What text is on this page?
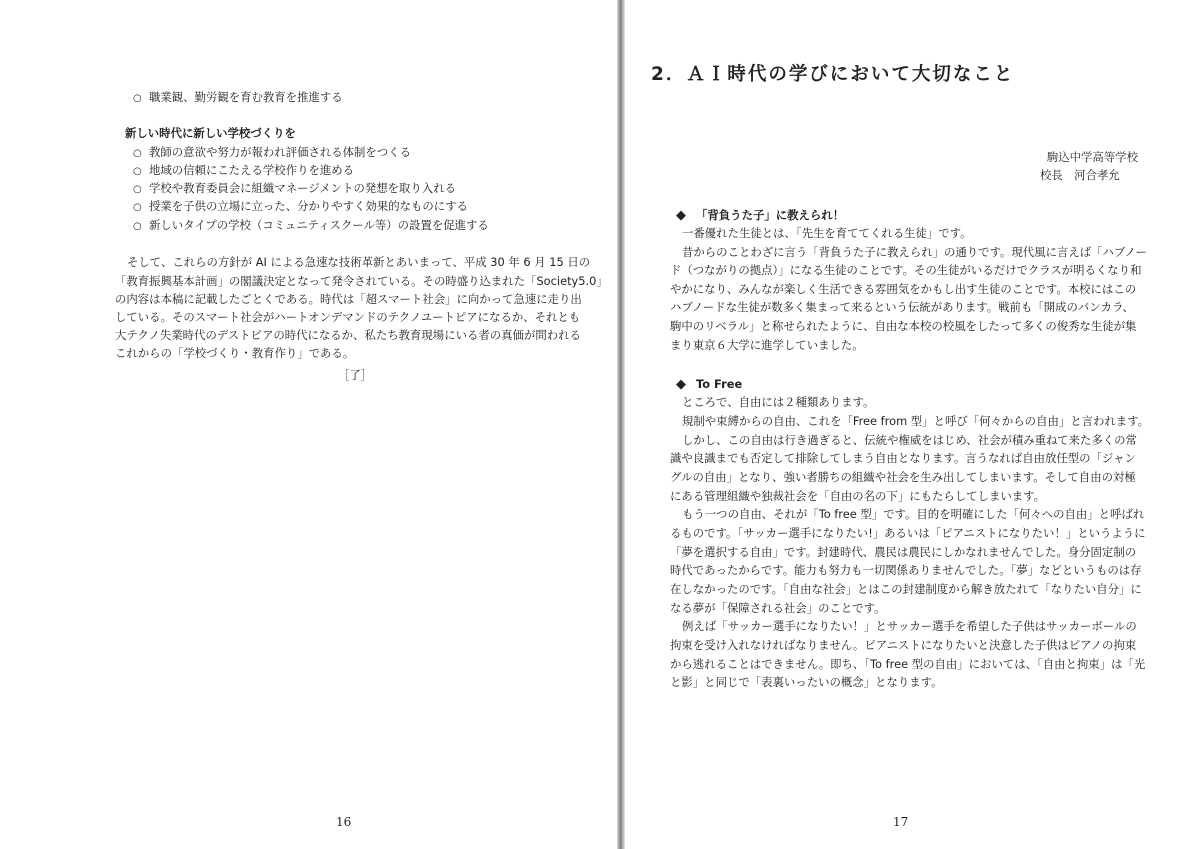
○ 職業観、勤労観を育む教育を推進する
新しい時代に新しい学校づくりを
○ 教師の意欲や努力が報われ評価される体制をつくる
○ 地域の信頼にこたえる学校作りを進める
○ 学校や教育委員会に組織マネージメントの発想を取り入れる
○ 授業を子供の立場に立った、分かりやすく効果的なものにする
○ 新しいタイプの学校（コミュニティスクール等）の設置を促進する
そして、これらの方針が AI による急速な技術革新とあいまって、平成 30 年 6 月 15 日の
「教育振興基本計画」の閣議決定となって発令されている。その時盛り込まれた「Society5.0」
の内容は本稿に記載したごとくである。時代は「超スマート社会」に向かって急速に走り出
している。そのスマート社会がハートオンデマンドのテクノユートピアになるか、それとも
大テクノ失業時代のデストピアの時代になるか、私たち教育現場にいる者の真価が問われる
これからの「学校づくり・教育作り」である。
［了］
16
2．ＡＩ時代の学びにおいて大切なこと
駒込中学高等学校
校長　河合孝允
◆ 「背負うた子」に教えられ！
一番優れた生徒とは、「先生を育ててくれる生徒」です。
昔からのことわざに言う「背負うた子に教えられ」の通りです。現代風に言えば「ハブノー
ド（つながりの拠点）」になる生徒のことです。その生徒がいるだけでクラスが明るくなり和
やかになり、みんなが楽しく生活できる雰囲気をかもし出す生徒のことです。本校にはこの
ハブノードな生徒が数多く集まって来るという伝統があります。戦前も「開成のバンカラ、
駒中のリベラル」と称せられたように、自由な本校の校風をしたって多くの俊秀な生徒が集
まり東京６大学に進学していました。
◆ To Free
ところで、自由には２種類あります。
規制や束縛からの自由、これを「Free from 型」と呼び「何々からの自由」と言われます。
しかし、この自由は行き過ぎると、伝統や権威をはじめ、社会が積み重ねて来た多くの常
識や良識までも否定して排除してしまう自由となります。言うなれば自由放任型の「ジャン
グルの自由」となり、強い者勝ちの組織や社会を生み出してしまいます。そして自由の対極
にある管理組織や独裁社会を「自由の名の下」にもたらしてしまいます。
もう一つの自由、それが「To free 型」です。目的を明確にした「何々への自由」と呼ばれ
るものです。「サッカー選手になりたい!」あるいは「ピアニストになりたい！」というように
「夢を選択する自由」です。封建時代、農民は農民にしかなれませんでした。身分固定制の
時代であったからです。能力も努力も一切関係ありませんでした。「夢」などというものは存
在しなかったのです。「自由な社会」とはこの封建制度から解き放たれて「なりたい自分」に
なる夢が「保障される社会」のことです。
例えば「サッカー選手になりたい！」とサッカー選手を希望した子供はサッカーボールの
拘束を受け入れなければなりません。ピアニストになりたいと決意した子供はピアノの拘束
から逃れることはできません。即ち、「To free 型の自由」においては、「自由と拘束」は「光
と影」と同じで「表裏いったいの概念」となります。
17
